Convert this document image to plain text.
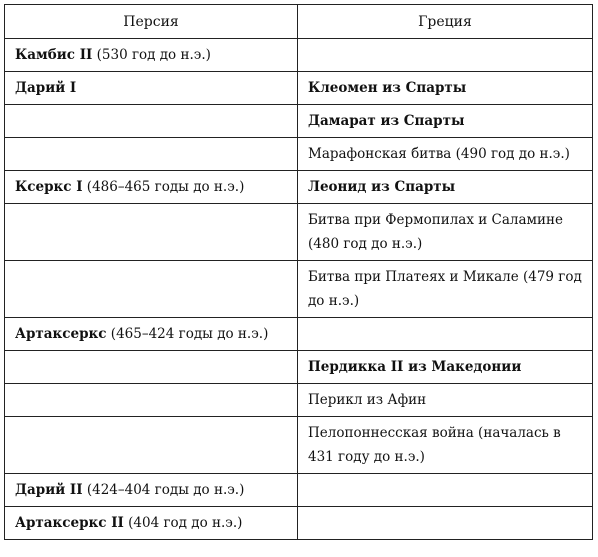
Персия	Греция
Камбис II (530 год до н.э.)	
Дарий I	Клеомен из Спарты
	Дамарат из Спарты
	Марафонская битва (490 год до н.э.)
Ксеркс I (486–465 годы до н.э.)	Леонид из Спарты
	Битва при Фермопилах и Саламине (480 год до н.э.)
	Битва при Платеях и Микале (479 год до н.э.)
Артаксеркс (465–424 годы до н.э.)	
	Пердикка II из Македонии
	Перикл из Афин
	Пелопоннесская война (началась в 431 году до н.э.)
Дарий II (424–404 годы до н.э.)	
Артаксеркс II (404 год до н.э.)	
